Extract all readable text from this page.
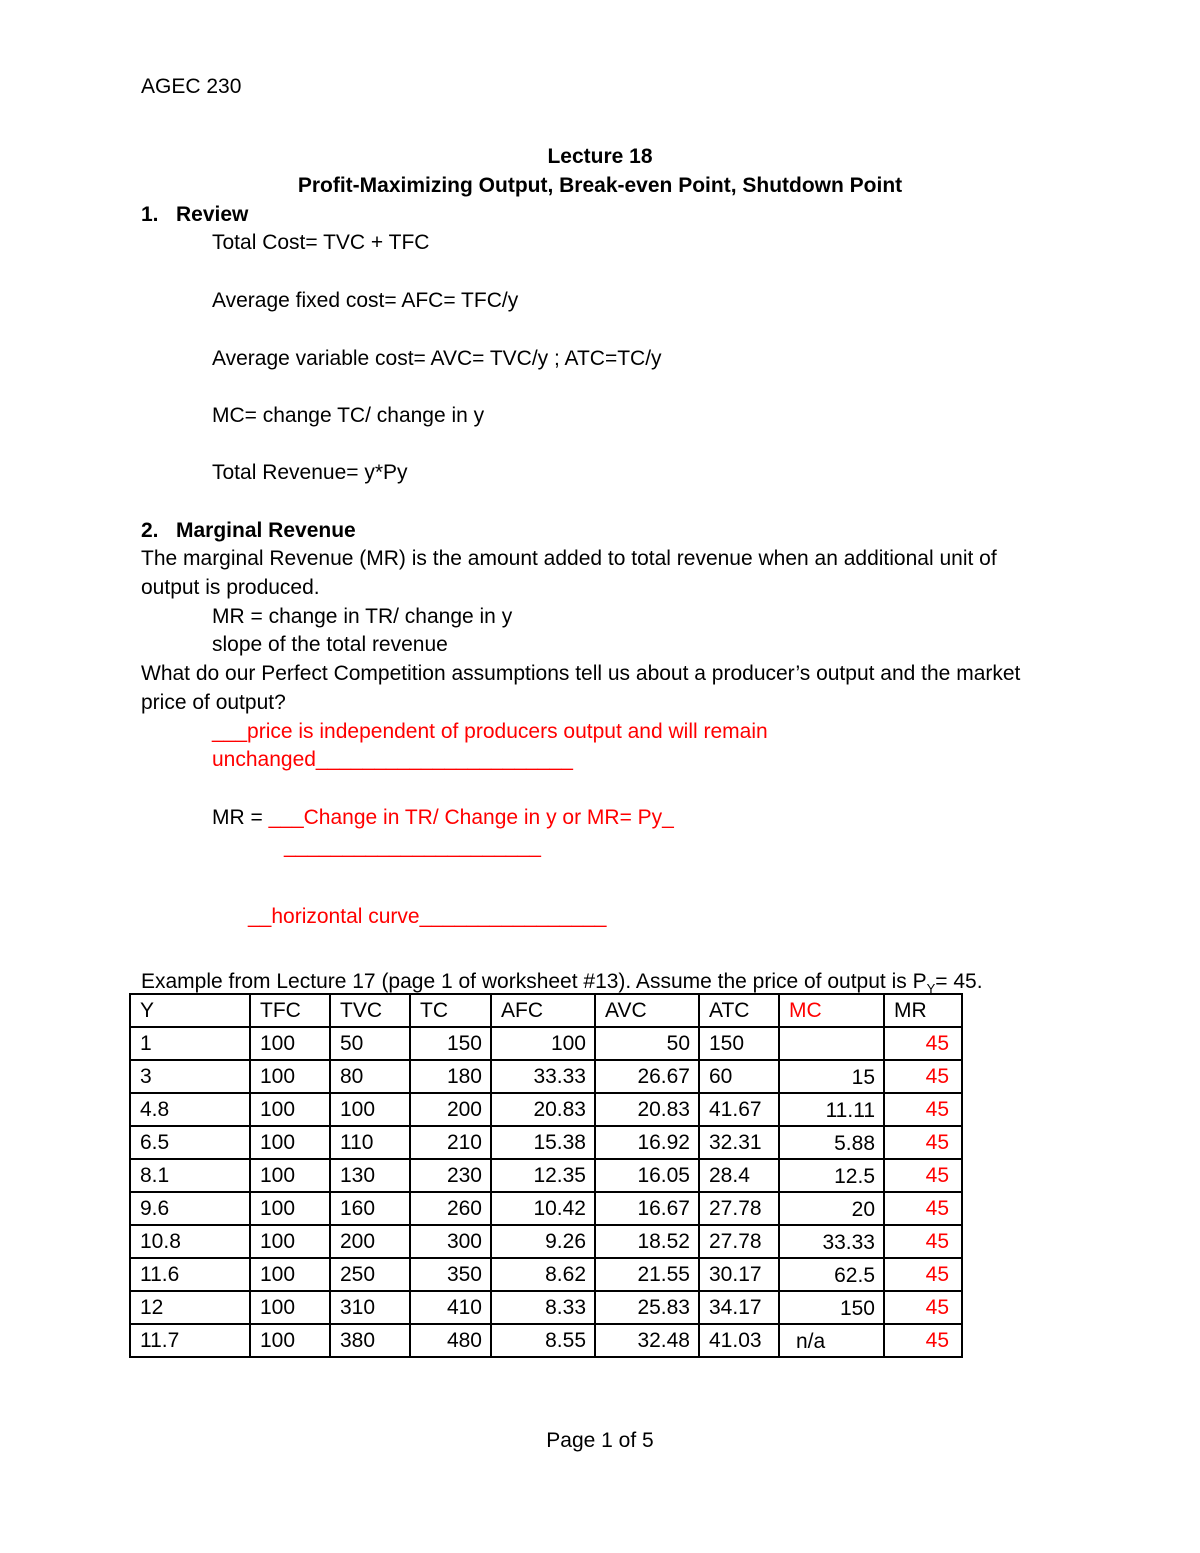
AGEC 230
Lecture 18
Profit-Maximizing Output, Break-even Point, Shutdown Point
1. Review
Total Cost= TVC + TFC
Average fixed cost= AFC= TFC/y
Average variable cost= AVC= TVC/y ; ATC=TC/y
MC= change TC/ change in y
Total Revenue= y*Py
2. Marginal Revenue
The marginal Revenue (MR) is the amount added to total revenue when an additional unit of
output is produced.
MR = change in TR/ change in y
slope of the total revenue
What do our Perfect Competition assumptions tell us about a producer’s output and the market
price of output?
___price is independent of producers output and will remain
unchanged______________________
MR = ___Change in TR/ Change in y or MR= Py_
______________________
__horizontal curve________________
Example from Lecture 17 (page 1 of worksheet #13). Assume the price of output is $P_Y= 45$.
Y	TFC	TVC	TC	AFC	AVC	ATC	MC	MR
1	100	50	150	100	50	150		45
3	100	80	180	33.33	26.67	60	15	45
4.8	100	100	200	20.83	20.83	41.67	11.11	45
6.5	100	110	210	15.38	16.92	32.31	5.88	45
8.1	100	130	230	12.35	16.05	28.4	12.5	45
9.6	100	160	260	10.42	16.67	27.78	20	45
10.8	100	200	300	9.26	18.52	27.78	33.33	45
11.6	100	250	350	8.62	21.55	30.17	62.5	45
12	100	310	410	8.33	25.83	34.17	150	45
11.7	100	380	480	8.55	32.48	41.03	n/a	45
Page 1 of 5
